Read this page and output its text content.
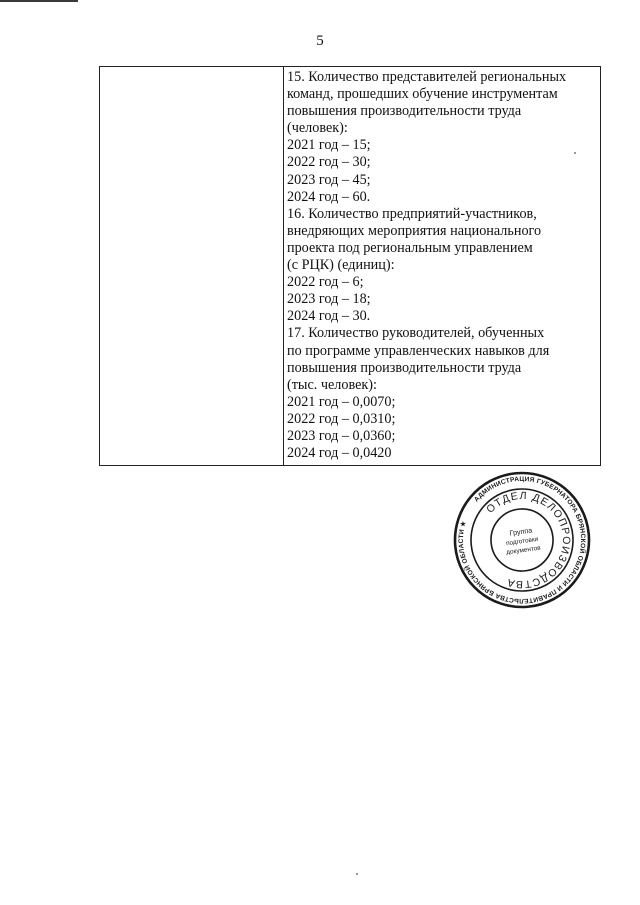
5
15. Количество представителей региональных
команд, прошедших обучение инструментам
повышения производительности труда
(человек):
2021 год – 15;
2022 год – 30;
2023 год – 45;
2024 год – 60.
16. Количество предприятий-участников,
внедряющих мероприятия национального
проекта под региональным управлением
(с РЦК) (единиц):
2022 год – 6;
2023 год – 18;
2024 год – 30.
17. Количество руководителей, обученных
по программе управленческих навыков для
повышения производительности труда
(тыс. человек):
2021 год – 0,0070;
2022 год – 0,0310;
2023 год – 0,0360;
2024 год – 0,0420
АДМИНИСТРАЦИЯ ГУБЕРНАТОРА БРЯНСКОЙ ОБЛАСТИ И ПРАВИТЕЛЬСТВА БРЯНСКОЙ ОБЛАСТИ ★
ОТДЕЛ ДЕЛОПРОИЗВОДСТВА
Группа
подготовки
документов
